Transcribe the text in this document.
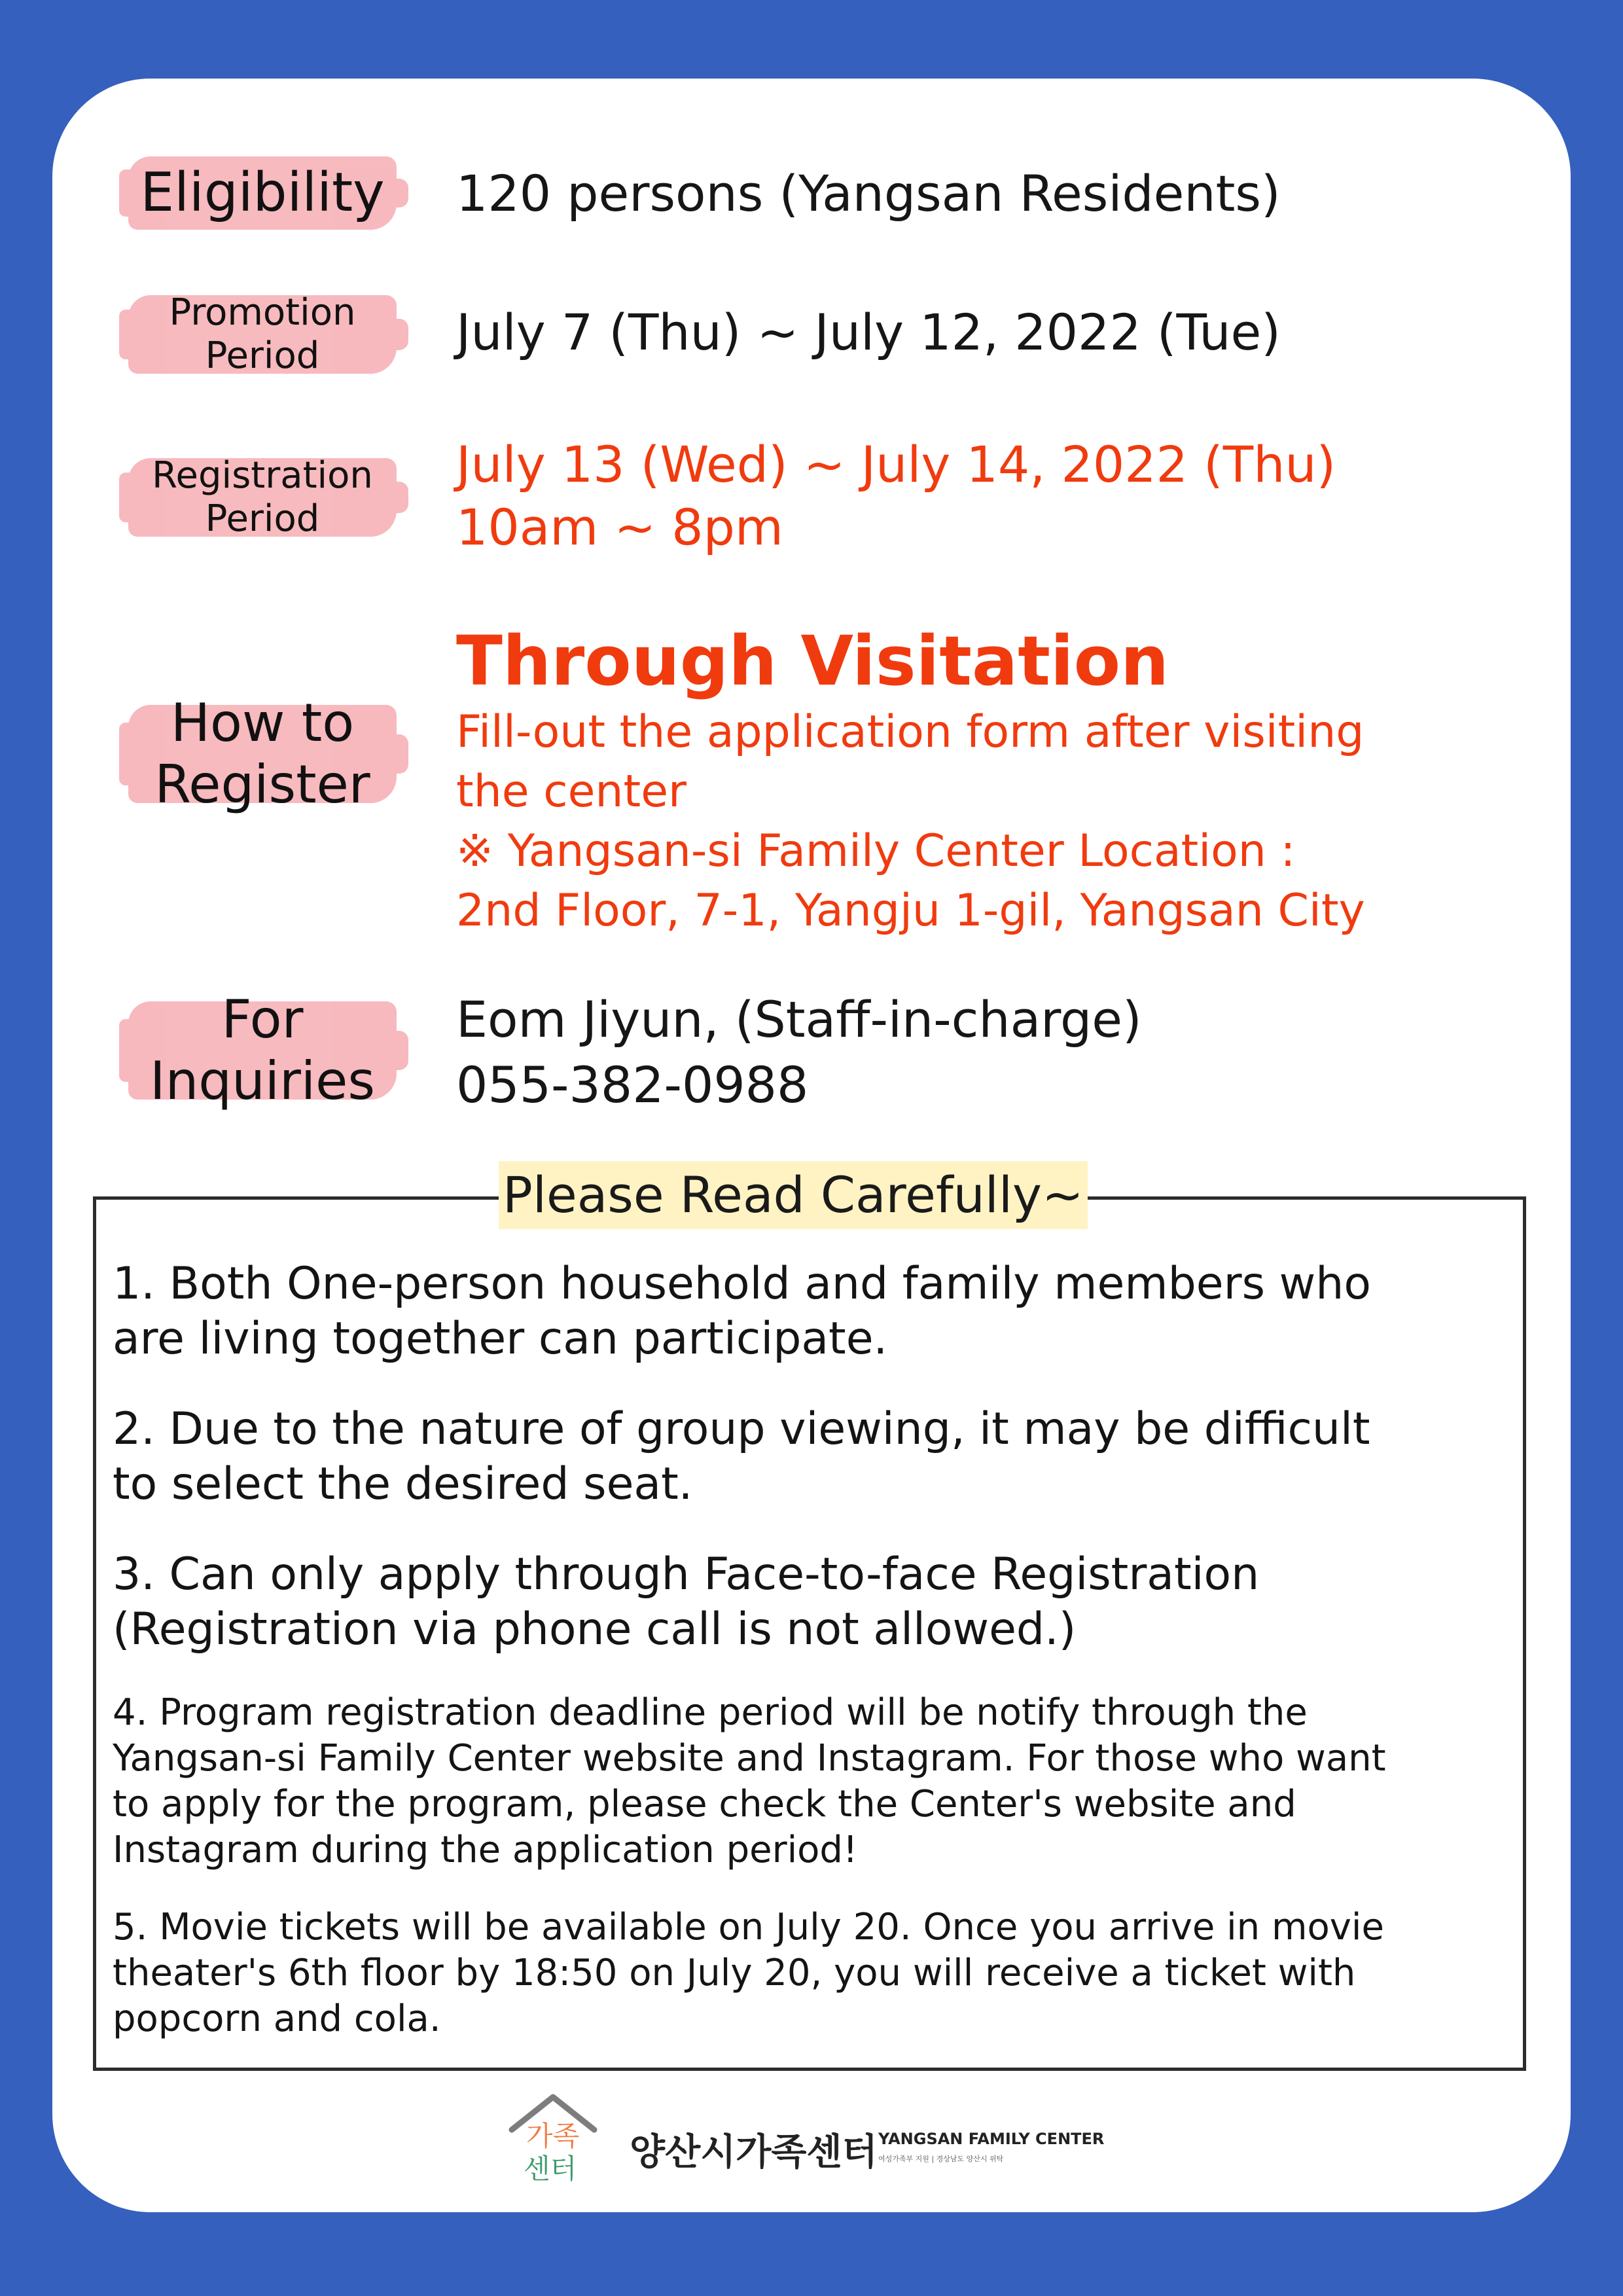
Eligibility 120 persons (Yangsan Residents)
Promotion
Period	July 7 (Thu) ~ July 12, 2022 (Tue)
Registration
Period
July 13 (Wed) ~ July 14, 2022 (Thu)
10am ~ 8pm
How to
Register
Through Visitation
Fill-out the application form after visiting
the center
※ Yangsan-si Family Center Location :
2nd Floor, 7-1, Yangju 1-gil, Yangsan City
For
Inquiries
Eom Jiyun, (Staff-in-charge)
055-382-0988
Please Read Carefully~
1. Both One-person household and family members who
are living together can participate.
2. Due to the nature of group viewing, it may be difficult
to select the desired seat.
3. Can only apply through Face-to-face Registration
(Registration via phone call is not allowed.)
4. Program registration deadline period will be notify through the
Yangsan-si Family Center website and Instagram. For those who want
to apply for the program, please check the Center's website and
Instagram during the application period!
5. Movie tickets will be available on July 20. Once you arrive in movie
theater's 6th floor by 18:50 on July 20, you will receive a ticket with
popcorn and cola.
가족
센터 양산시가족센터 YANGSAN FAMILY CENTER
여성가족부 지원 | 경상남도 양산시 위탁
